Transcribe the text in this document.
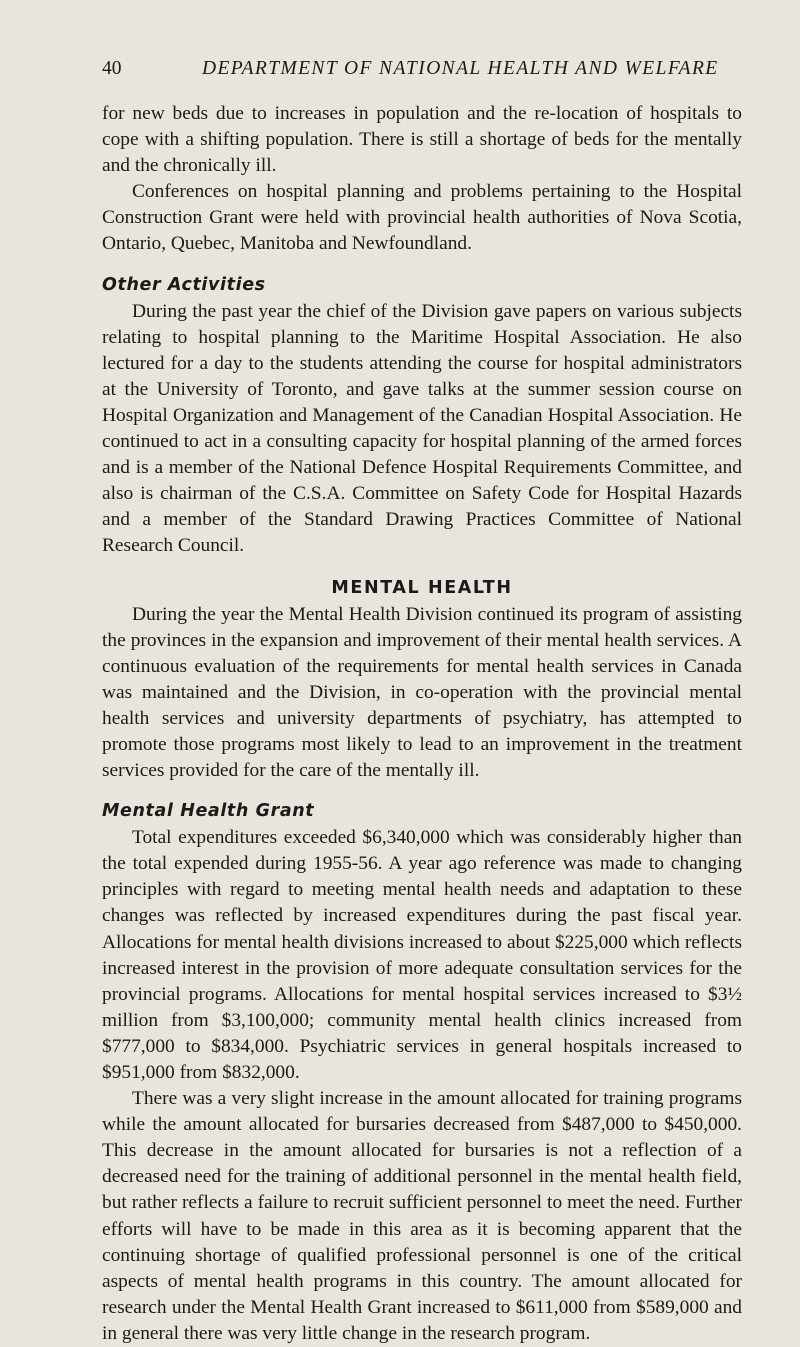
40	DEPARTMENT OF NATIONAL HEALTH AND WELFARE

for new beds due to increases in population and the re-location of hospitals to cope with a shifting population. There is still a shortage of beds for the mentally and the chronically ill.

Conferences on hospital planning and problems pertaining to the Hospital Construction Grant were held with provincial health authorities of Nova Scotia, Ontario, Quebec, Manitoba and Newfoundland.

Other Activities

During the past year the chief of the Division gave papers on various subjects relating to hospital planning to the Maritime Hospital Association. He also lectured for a day to the students attending the course for hospital administrators at the University of Toronto, and gave talks at the summer session course on Hospital Organization and Management of the Canadian Hospital Association. He continued to act in a consulting capacity for hospital planning of the armed forces and is a member of the National Defence Hospital Requirements Committee, and also is chairman of the C.S.A. Committee on Safety Code for Hospital Hazards and a member of the Standard Drawing Practices Committee of National Research Council.

MENTAL HEALTH

During the year the Mental Health Division continued its program of assisting the provinces in the expansion and improvement of their mental health services. A continuous evaluation of the requirements for mental health services in Canada was maintained and the Division, in co-operation with the provincial mental health services and university departments of psychiatry, has attempted to promote those programs most likely to lead to an improvement in the treatment services provided for the care of the mentally ill.

Mental Health Grant

Total expenditures exceeded $6,340,000 which was considerably higher than the total expended during 1955-56. A year ago reference was made to changing principles with regard to meeting mental health needs and adaptation to these changes was reflected by increased expenditures during the past fiscal year. Allocations for mental health divisions increased to about $225,000 which reflects increased interest in the provision of more adequate consultation services for the provincial programs. Allocations for mental hospital services increased to $3½ million from $3,100,000; community mental health clinics increased from $777,000 to $834,000. Psychiatric services in general hospitals increased to $951,000 from $832,000.

There was a very slight increase in the amount allocated for training programs while the amount allocated for bursaries decreased from $487,000 to $450,000. This decrease in the amount allocated for bursaries is not a reflection of a decreased need for the training of additional personnel in the mental health field, but rather reflects a failure to recruit sufficient personnel to meet the need. Further efforts will have to be made in this area as it is becoming apparent that the continuing shortage of qualified professional personnel is one of the critical aspects of mental health programs in this country. The amount allocated for research under the Mental Health Grant increased to $611,000 from $589,000 and in general there was very little change in the research program.
